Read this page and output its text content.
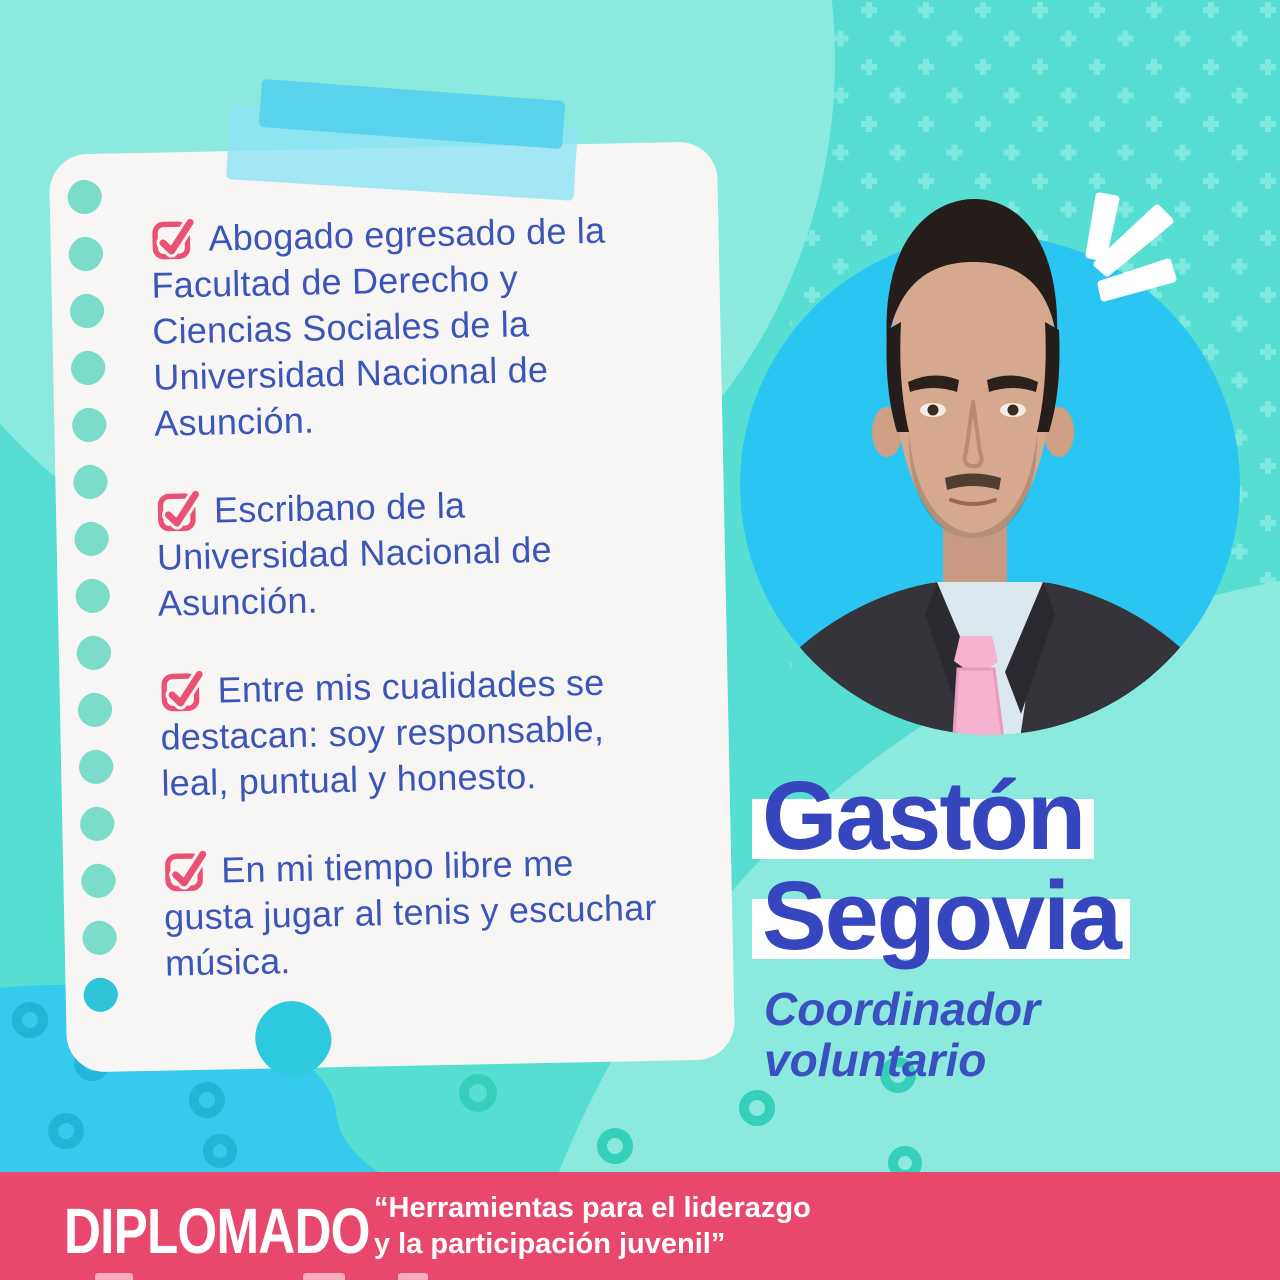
Abogado egresado de la Facultad de Derecho y Ciencias Sociales de la Universidad Nacional de Asunción.
Escribano de la Universidad Nacional de Asunción.
Entre mis cualidades se destacan: soy responsable, leal, puntual y honesto.
En mi tiempo libre me gusta jugar al tenis y escuchar música.
Gastón

Segovia
Coordinador voluntario
DIPLOMADO “Herramientas para el liderazgo
y la participación juvenil”
